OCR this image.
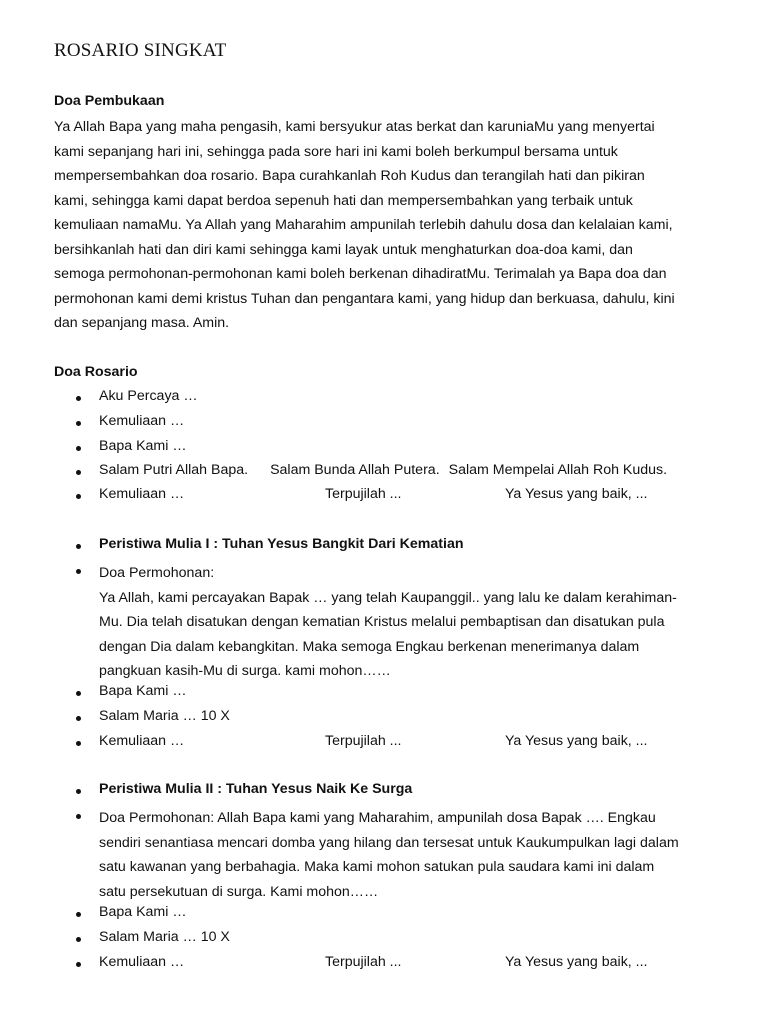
ROSARIO SINGKAT
Doa Pembukaan
Ya Allah Bapa yang maha pengasih, kami bersyukur atas berkat dan karuniaMu yang menyertai
kami sepanjang hari ini, sehingga pada sore hari ini kami boleh berkumpul bersama untuk
mempersembahkan doa rosario. Bapa curahkanlah Roh Kudus dan terangilah hati dan pikiran
kami, sehingga kami dapat berdoa sepenuh hati dan mempersembahkan yang terbaik untuk
kemuliaan namaMu. Ya Allah yang Maharahim ampunilah terlebih dahulu dosa dan kelalaian kami,
bersihkanlah hati dan diri kami sehingga kami layak untuk menghaturkan doa-doa kami, dan
semoga permohonan-permohonan kami boleh berkenan dihadiratMu. Terimalah ya Bapa doa dan
permohonan kami demi kristus Tuhan dan pengantara kami, yang hidup dan berkuasa, dahulu, kini
dan sepanjang masa. Amin.
Doa Rosario
Aku Percaya …
Kemuliaan …
Bapa Kami …
Salam Putri Allah Bapa. Salam Bunda Allah Putera. Salam Mempelai Allah Roh Kudus.
Kemuliaan …	Terpujilah ...	Ya Yesus yang baik, ...
Peristiwa Mulia I : Tuhan Yesus Bangkit Dari Kematian
Doa Permohonan:
Ya Allah, kami percayakan Bapak … yang telah Kaupanggil.. yang lalu ke dalam kerahiman-
Mu. Dia telah disatukan dengan kematian Kristus melalui pembaptisan dan disatukan pula
dengan Dia dalam kebangkitan. Maka semoga Engkau berkenan menerimanya dalam
pangkuan kasih-Mu di surga. kami mohon……
Bapa Kami …
Salam Maria … 10 X
Kemuliaan …	Terpujilah ...	Ya Yesus yang baik, ...
Peristiwa Mulia II : Tuhan Yesus Naik Ke Surga
Doa Permohonan: Allah Bapa kami yang Maharahim, ampunilah dosa Bapak …. Engkau
sendiri senantiasa mencari domba yang hilang dan tersesat untuk Kaukumpulkan lagi dalam
satu kawanan yang berbahagia. Maka kami mohon satukan pula saudara kami ini dalam
satu persekutuan di surga. Kami mohon……
Bapa Kami …
Salam Maria … 10 X
Kemuliaan …	Terpujilah ...	Ya Yesus yang baik, ...
